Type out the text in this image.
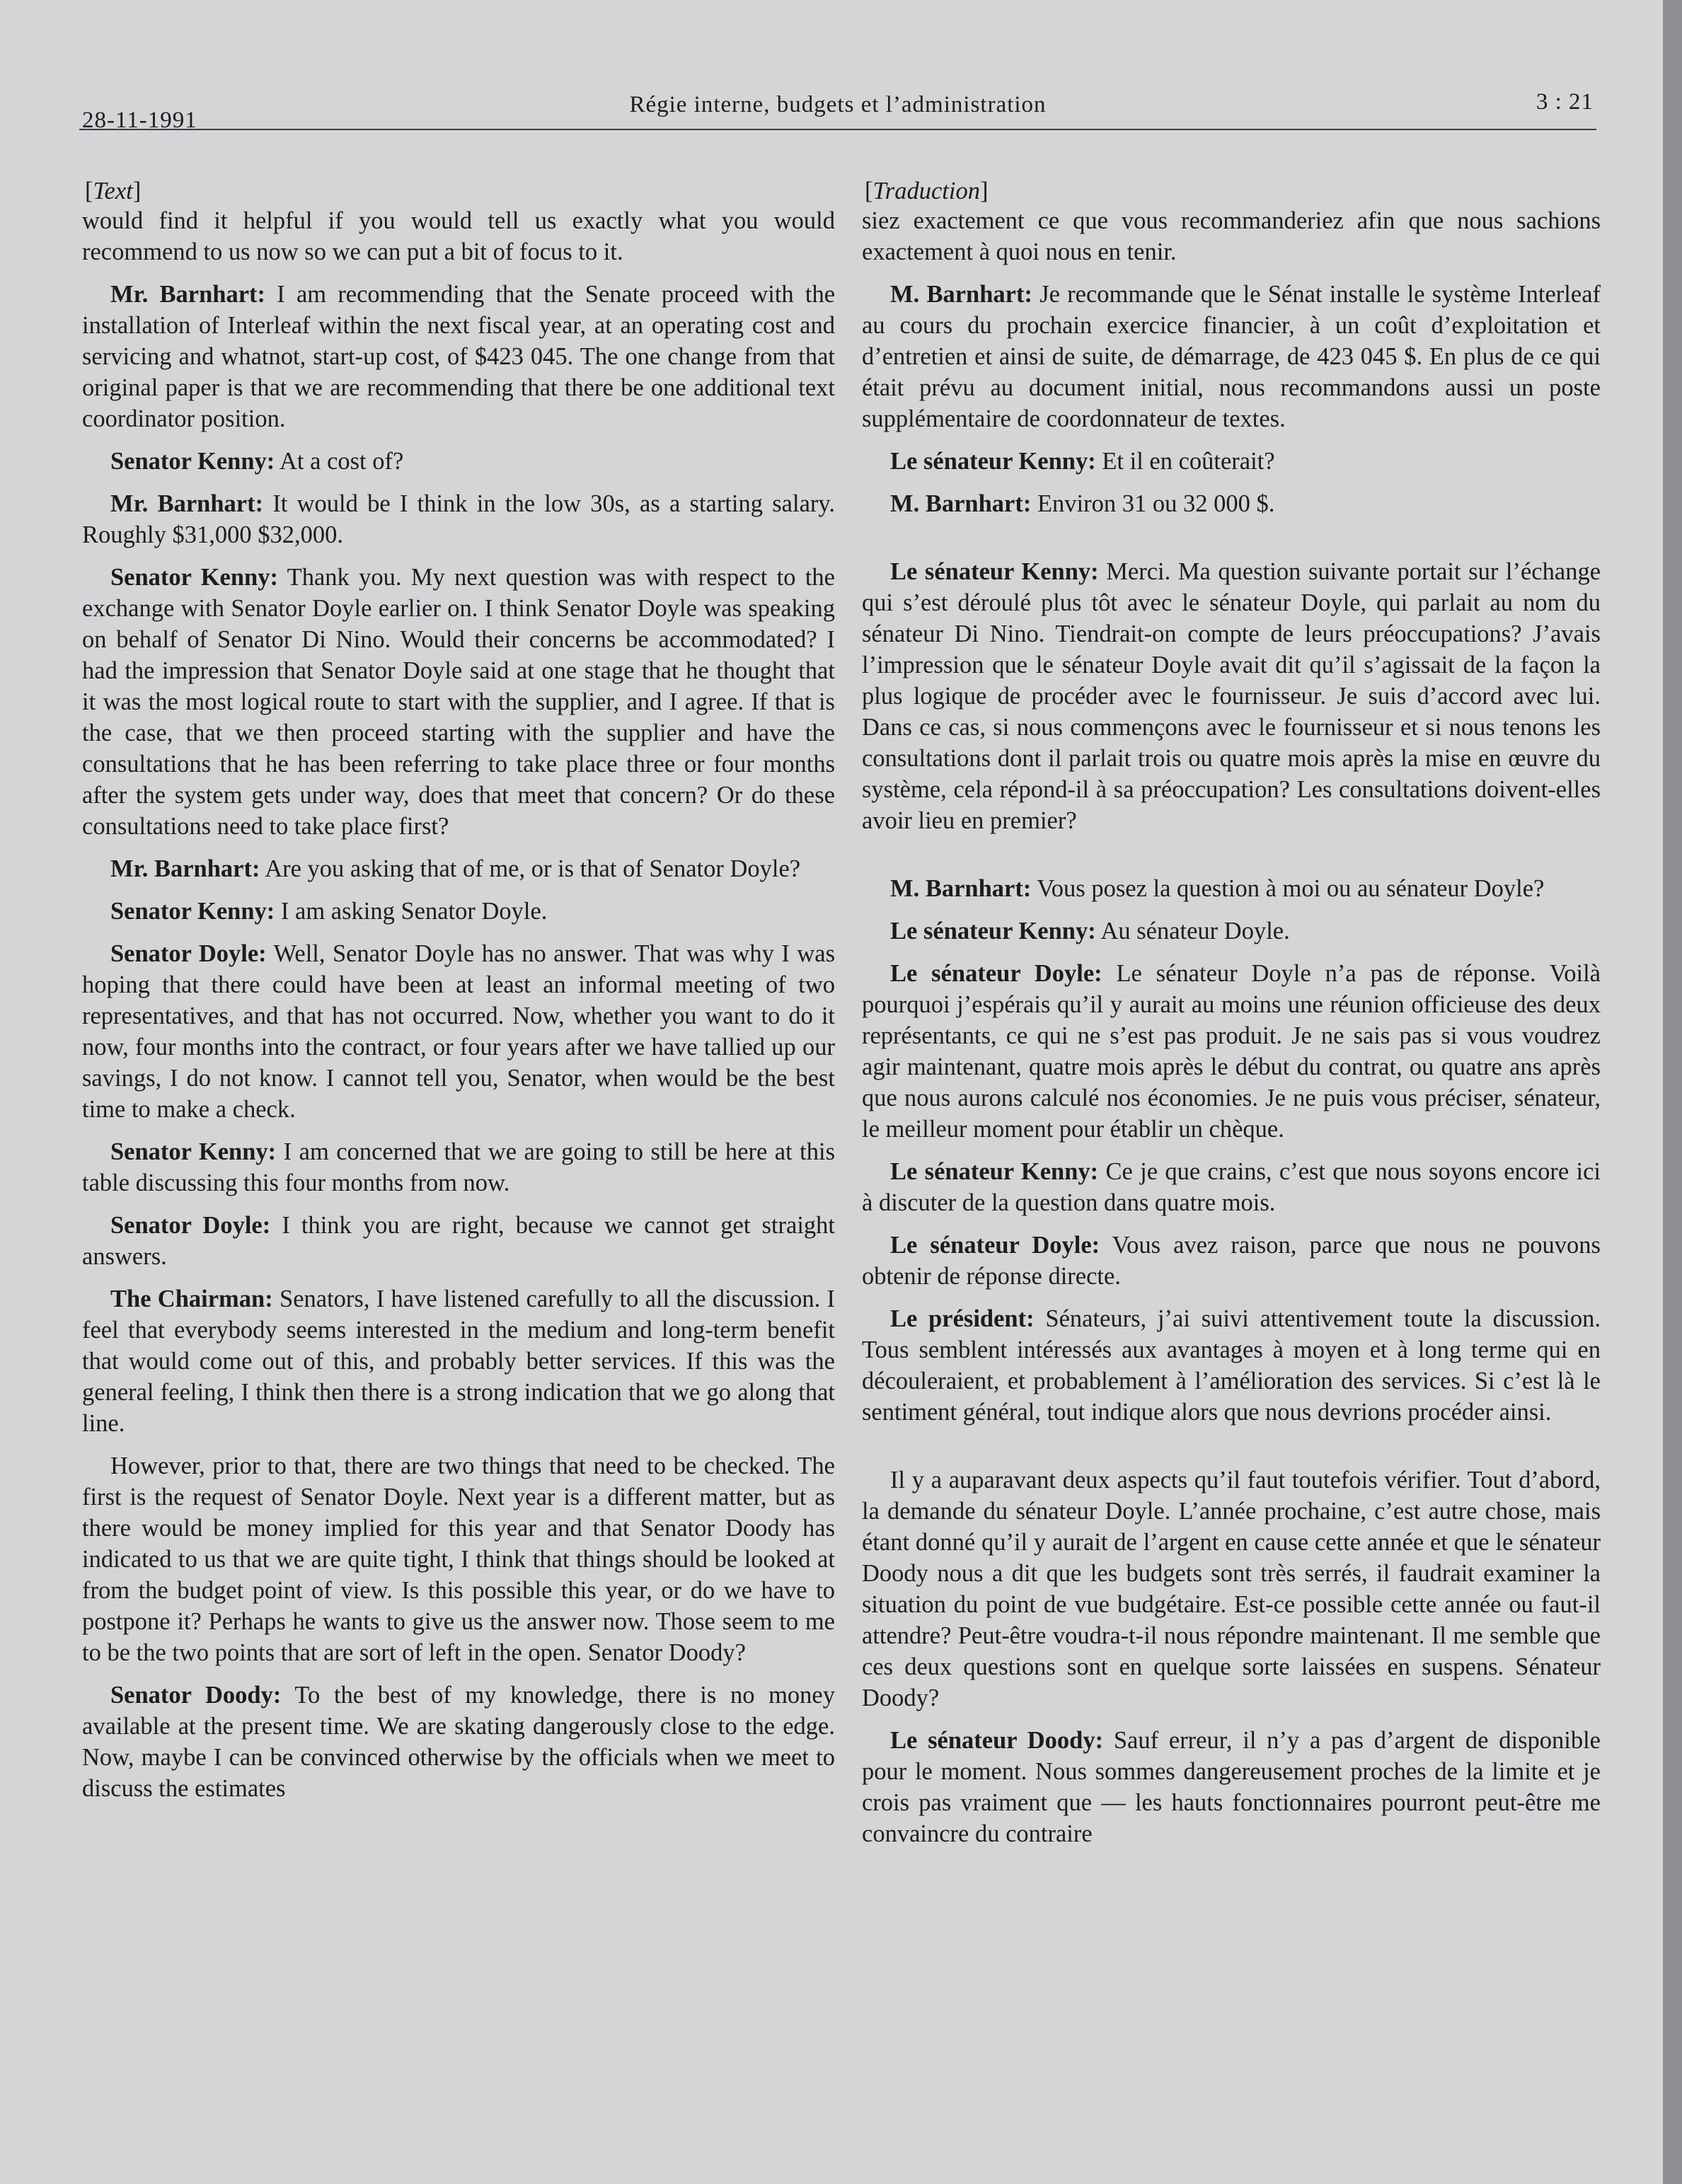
28-11-1991
Régie interne, budgets et l’administration	3 : 21
[Text]

would find it helpful if you would tell us exactly what you would recommend to us now so we can put a bit of focus to it.

Mr. Barnhart: I am recommending that the Senate proceed with the installation of Interleaf within the next fiscal year, at an operating cost and servicing and whatnot, start-up cost, of $423 045. The one change from that original paper is that we are recommending that there be one additional text coordinator position.

Senator Kenny: At a cost of?

Mr. Barnhart: It would be I think in the low 30s, as a starting salary. Roughly $31,000 $32,000.

Senator Kenny: Thank you. My next question was with respect to the exchange with Senator Doyle earlier on. I think Senator Doyle was speaking on behalf of Senator Di Nino. Would their concerns be accommodated? I had the impression that Senator Doyle said at one stage that he thought that it was the most logical route to start with the supplier, and I agree. If that is the case, that we then proceed starting with the supplier and have the consultations that he has been referring to take place three or four months after the system gets under way, does that meet that concern? Or do these consultations need to take place first?

Mr. Barnhart: Are you asking that of me, or is that of Senator Doyle?

Senator Kenny: I am asking Senator Doyle.

Senator Doyle: Well, Senator Doyle has no answer. That was why I was hoping that there could have been at least an informal meeting of two representatives, and that has not occurred. Now, whether you want to do it now, four months into the contract, or four years after we have tallied up our savings, I do not know. I cannot tell you, Senator, when would be the best time to make a check.

Senator Kenny: I am concerned that we are going to still be here at this table discussing this four months from now.

Senator Doyle: I think you are right, because we cannot get straight answers.

The Chairman: Senators, I have listened carefully to all the discussion. I feel that everybody seems interested in the medium and long-term benefit that would come out of this, and probably better services. If this was the general feeling, I think then there is a strong indication that we go along that line.

However, prior to that, there are two things that need to be checked. The first is the request of Senator Doyle. Next year is a different matter, but as there would be money implied for this year and that Senator Doody has indicated to us that we are quite tight, I think that things should be looked at from the budget point of view. Is this possible this year, or do we have to postpone it? Perhaps he wants to give us the answer now. Those seem to me to be the two points that are sort of left in the open. Senator Doody?

Senator Doody: To the best of my knowledge, there is no money available at the present time. We are skating dangerously close to the edge. Now, maybe I can be convinced otherwise by the officials when we meet to discuss the estimates

[Traduction]

siez exactement ce que vous recommanderiez afin que nous sachions exactement à quoi nous en tenir.

M. Barnhart: Je recommande que le Sénat installe le système Interleaf au cours du prochain exercice financier, à un coût d’exploitation et d’entretien et ainsi de suite, de démarrage, de 423 045 $. En plus de ce qui était prévu au document initial, nous recommandons aussi un poste supplémentaire de coordonnateur de textes.

Le sénateur Kenny: Et il en coûterait?

M. Barnhart: Environ 31 ou 32 000 $.

Le sénateur Kenny: Merci. Ma question suivante portait sur l’échange qui s’est déroulé plus tôt avec le sénateur Doyle, qui parlait au nom du sénateur Di Nino. Tiendrait-on compte de leurs préoccupations? J’avais l’impression que le sénateur Doyle avait dit qu’il s’agissait de la façon la plus logique de procéder avec le fournisseur. Je suis d’accord avec lui. Dans ce cas, si nous commençons avec le fournisseur et si nous tenons les consultations dont il parlait trois ou quatre mois après la mise en œuvre du système, cela répond-il à sa préoccupation? Les consultations doivent-elles avoir lieu en premier?

M. Barnhart: Vous posez la question à moi ou au sénateur Doyle?

Le sénateur Kenny: Au sénateur Doyle.

Le sénateur Doyle: Le sénateur Doyle n’a pas de réponse. Voilà pourquoi j’espérais qu’il y aurait au moins une réunion officieuse des deux représentants, ce qui ne s’est pas produit. Je ne sais pas si vous voudrez agir maintenant, quatre mois après le début du contrat, ou quatre ans après que nous aurons calculé nos économies. Je ne puis vous préciser, sénateur, le meilleur moment pour établir un chèque.

Le sénateur Kenny: Ce je que crains, c’est que nous soyons encore ici à discuter de la question dans quatre mois.

Le sénateur Doyle: Vous avez raison, parce que nous ne pouvons obtenir de réponse directe.

Le président: Sénateurs, j’ai suivi attentivement toute la discussion. Tous semblent intéressés aux avantages à moyen et à long terme qui en découleraient, et probablement à l’amélioration des services. Si c’est là le sentiment général, tout indique alors que nous devrions procéder ainsi.

Il y a auparavant deux aspects qu’il faut toutefois vérifier. Tout d’abord, la demande du sénateur Doyle. L’année prochaine, c’est autre chose, mais étant donné qu’il y aurait de l’argent en cause cette année et que le sénateur Doody nous a dit que les budgets sont très serrés, il faudrait examiner la situation du point de vue budgétaire. Est-ce possible cette année ou faut-il attendre? Peut-être voudra-t-il nous répondre maintenant. Il me semble que ces deux questions sont en quelque sorte laissées en suspens. Sénateur Doody?

Le sénateur Doody: Sauf erreur, il n’y a pas d’argent de disponible pour le moment. Nous sommes dangereusement proches de la limite et je crois pas vraiment que — les hauts fonctionnaires pourront peut-être me convaincre du contraire
